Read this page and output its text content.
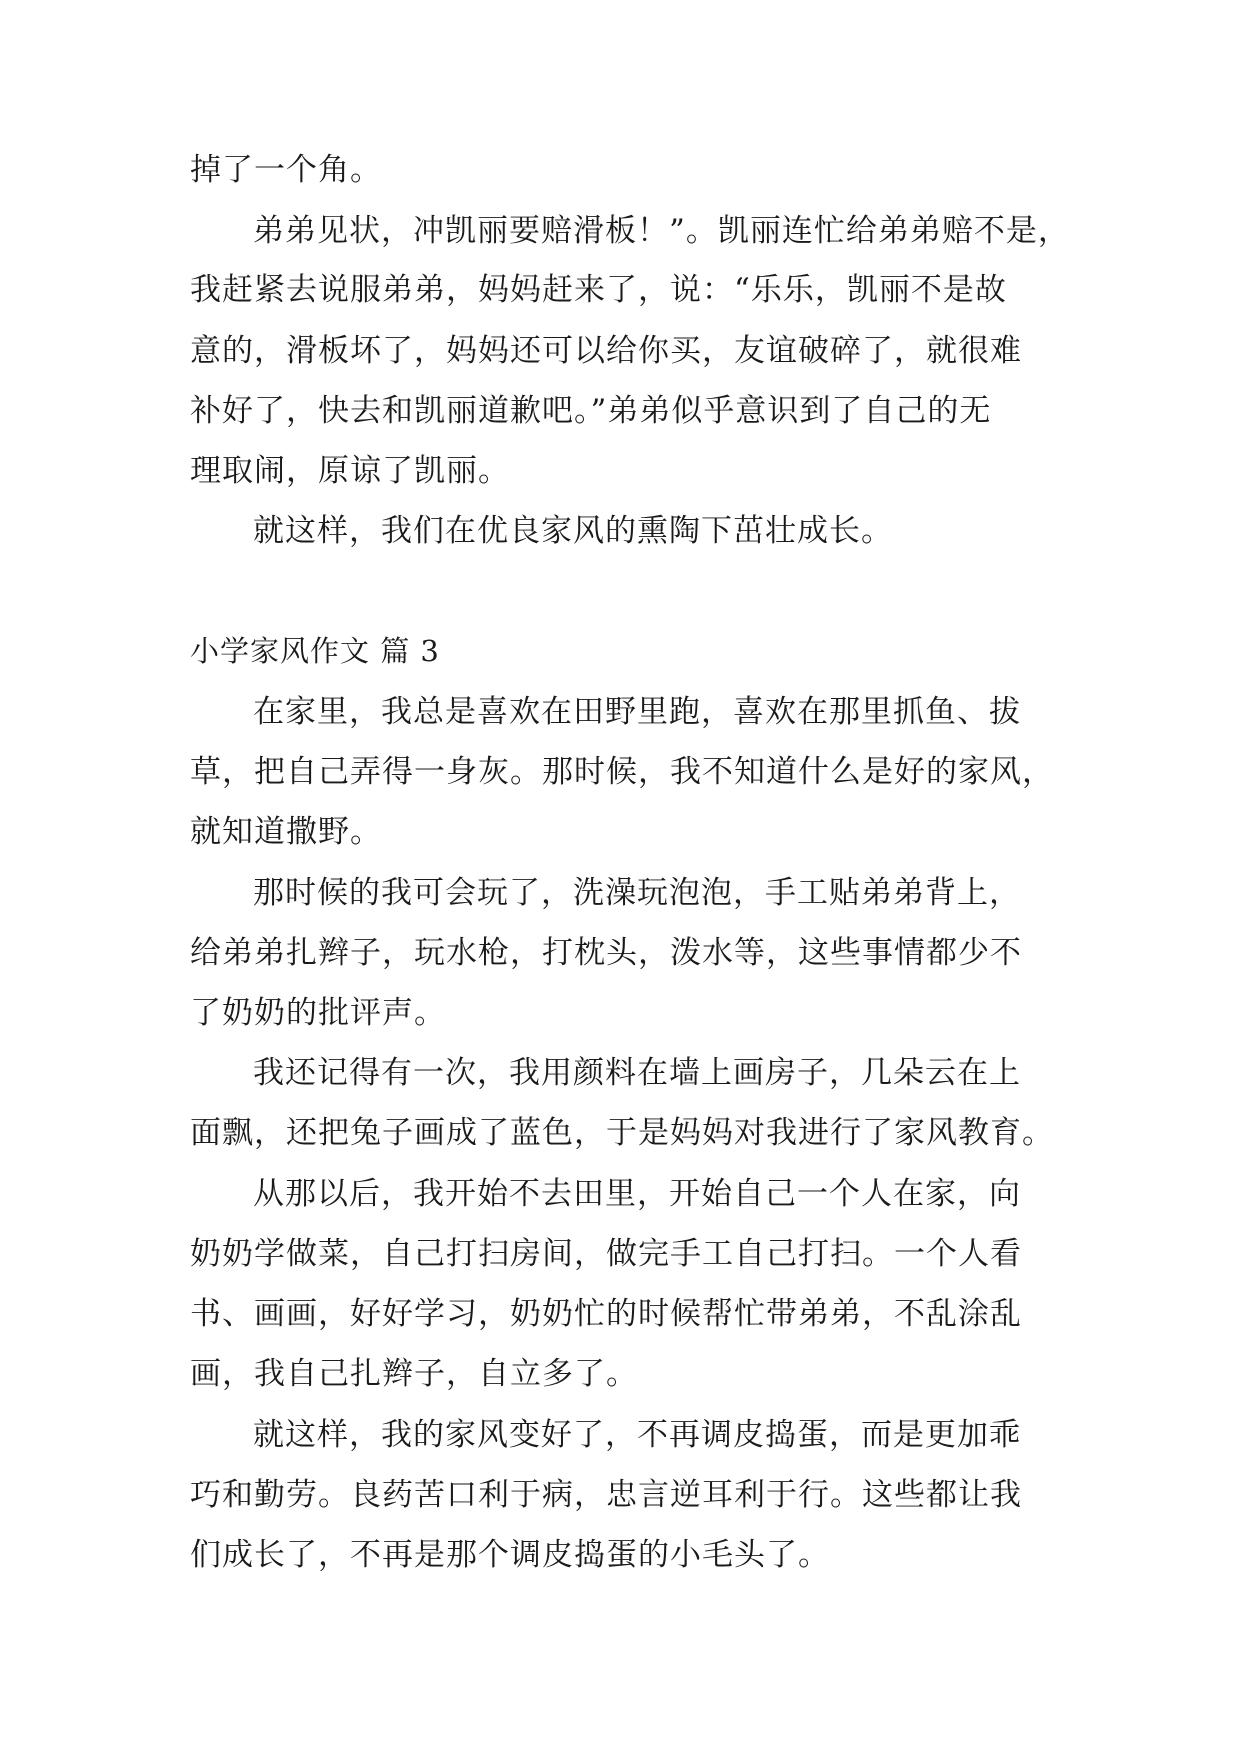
掉了一个角。

弟弟见状，冲凯丽要赔滑板！”。凯丽连忙给弟弟赔不是，

我赶紧去说服弟弟，妈妈赶来了，说：“乐乐，凯丽不是故

意的，滑板坏了，妈妈还可以给你买，友谊破碎了，就很难

补好了，快去和凯丽道歉吧。”弟弟似乎意识到了自己的无

理取闹，原谅了凯丽。

就这样，我们在优良家风的熏陶下茁壮成长。

小学家风作文 篇 3

在家里，我总是喜欢在田野里跑，喜欢在那里抓鱼、拔

草，把自己弄得一身灰。那时候，我不知道什么是好的家风，

就知道撒野。

那时候的我可会玩了，洗澡玩泡泡，手工贴弟弟背上，

给弟弟扎辫子，玩水枪，打枕头，泼水等，这些事情都少不

了奶奶的批评声。

我还记得有一次，我用颜料在墙上画房子，几朵云在上

面飘，还把兔子画成了蓝色，于是妈妈对我进行了家风教育。

从那以后，我开始不去田里，开始自己一个人在家，向

奶奶学做菜，自己打扫房间，做完手工自己打扫。一个人看

书、画画，好好学习，奶奶忙的时候帮忙带弟弟，不乱涂乱

画，我自己扎辫子，自立多了。

就这样，我的家风变好了，不再调皮捣蛋，而是更加乖

巧和勤劳。良药苦口利于病，忠言逆耳利于行。这些都让我

们成长了，不再是那个调皮捣蛋的小毛头了。
